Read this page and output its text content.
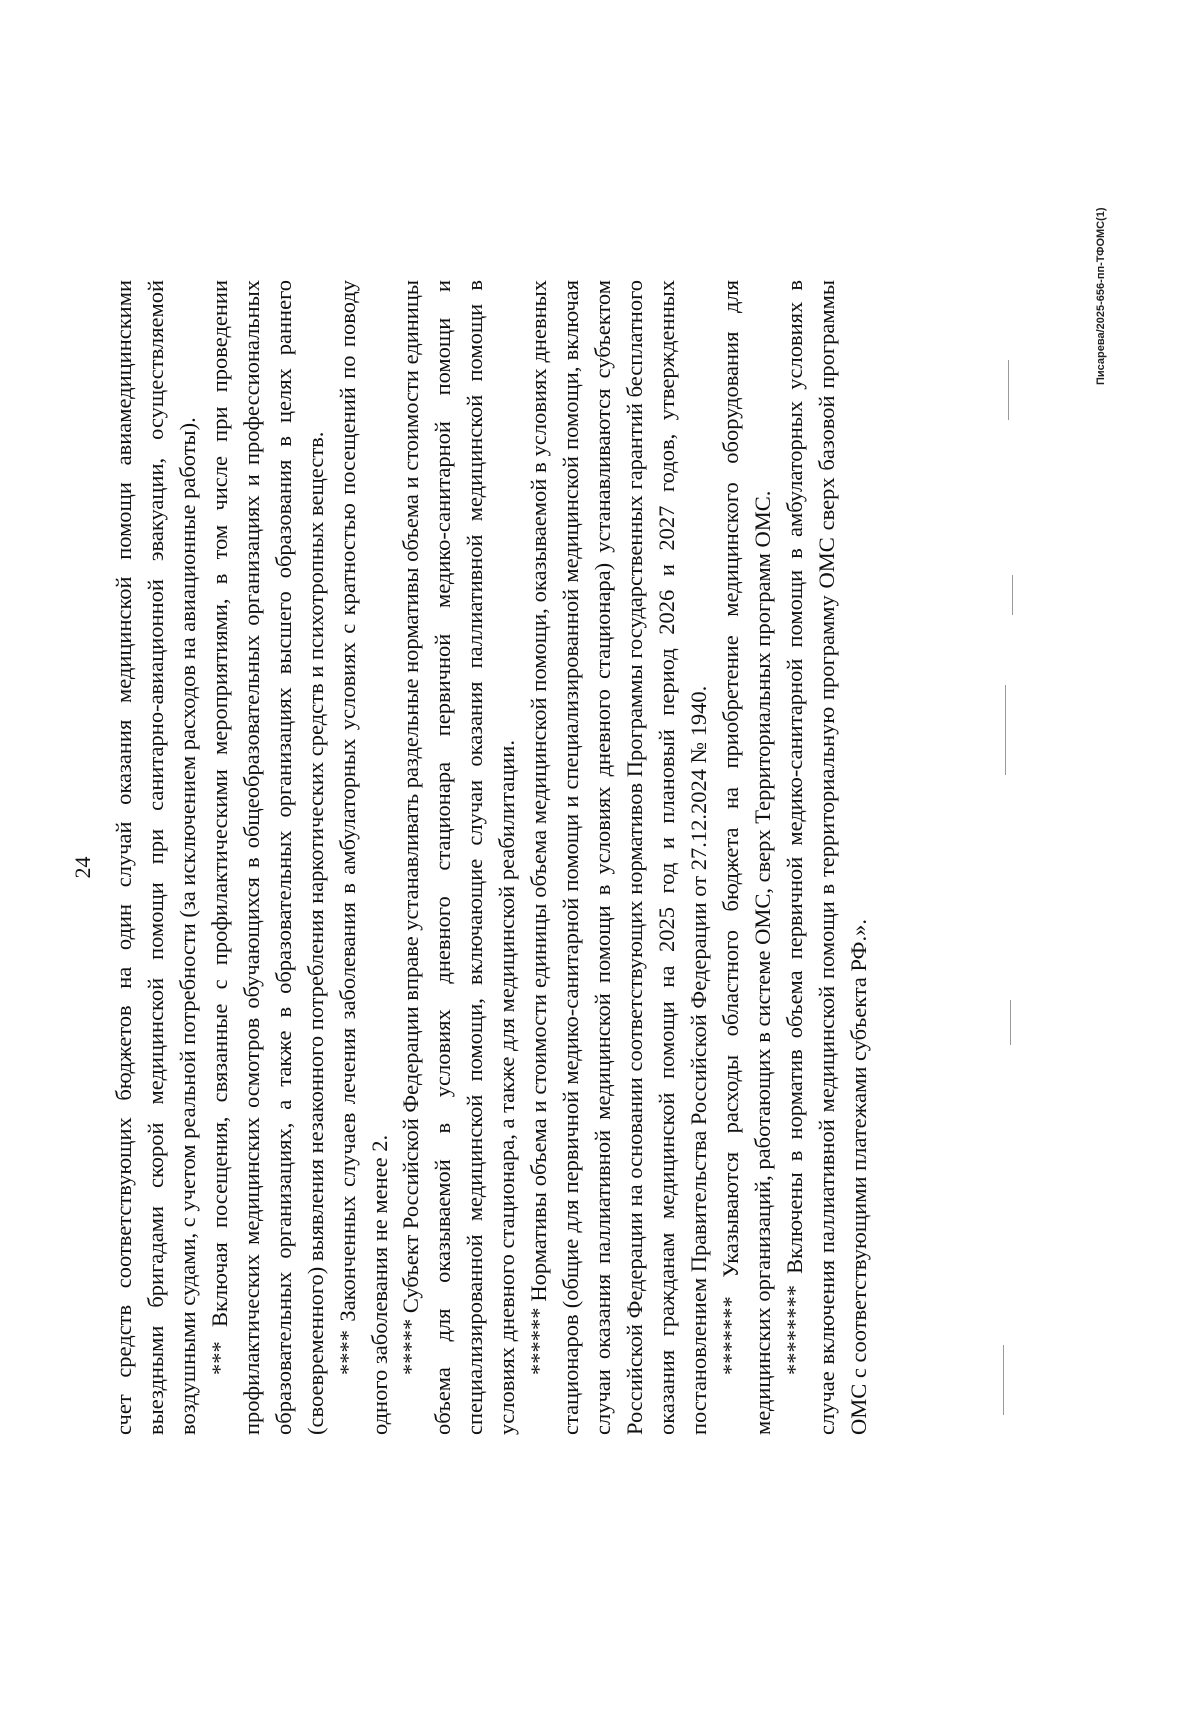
24 счет средств соответствующих бюджетов на один случай оказания медицинской помощи авиамедицинскими выездными бригадами скорой медицинской помощи при санитарно-авиационной эвакуации, осуществляемой воздушными судами, с учетом реальной потребности (за исключением расходов на авиационные работы). *** Включая посещения, связанные с профилактическими мероприятиями, в том числе при проведении профилактических медицинских осмотров обучающихся в общеобразовательных организациях и профессиональных образовательных организациях, а также в образовательных организациях высшего образования в целях раннего (своевременного) выявления незаконного потребления наркотических средств и психотропных веществ. **** Законченных случаев лечения заболевания в амбулаторных условиях с кратностью посещений по поводу одного заболевания не менее 2. ***** Субъект Российской Федерации вправе устанавливать раздельные нормативы объема и стоимости единицы объема для оказываемой в условиях дневного стационара первичной медико-санитарной помощи и специализированной медицинской помощи, включающие случаи оказания паллиативной медицинской помощи в условиях дневного стационара, а также для медицинской реабилитации. ****** Нормативы объема и стоимости единицы объема медицинской помощи, оказываемой в условиях дневных стационаров (общие для первичной медико-санитарной помощи и специализированной медицинской помощи, включая случаи оказания паллиативной медицинской помощи в условиях дневного стационара) устанавливаются субъектом Российской Федерации на основании соответствующих нормативов Программы государственных гарантий бесплатного оказания гражданам медицинской помощи на 2025 год и плановый период 2026 и 2027 годов, утвержденных постановлением Правительства Российской Федерации от 27.12.2024 № 1940. ******* Указываются расходы областного бюджета на приобретение медицинского оборудования для медицинских организаций, работающих в системе ОМС, сверх Территориальных программ ОМС. ******** Включены в норматив объема первичной медико-санитарной помощи в амбулаторных условиях в случае включения паллиативной медицинской помощи в территориальную программу ОМС сверх базовой программы ОМС с соответствующими платежами субъекта РФ.».

Писарева/2025-656-пп-ТФОМС(1)
